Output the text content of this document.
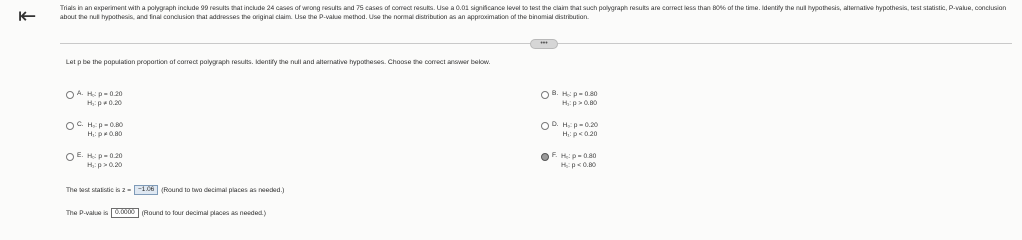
⇤	Trials in an experiment with a polygraph include 99 results that include 24 cases of wrong results and 75 cases of correct results. Use a 0.01 significance level to test the claim that such polygraph results are correct less than 80% of the time. Identify the null hypothesis, alternative hypothesis, test statistic, P-value, conclusion about the null hypothesis, and final conclusion that addresses the original claim. Use the P-value method. Use the normal distribution as an approximation of the binomial distribution.
•••
Let p be the population proportion of correct polygraph results. Identify the null and alternative hypotheses. Choose the correct answer below.
A. H₀: p = 0.20
H₁: p ≠ 0.20
B. H₀: p = 0.80
H₁: p > 0.80
C. H₀: p = 0.80
H₁: p ≠ 0.80
D. H₀: p = 0.20
H₁: p < 0.20
E. H₀: p = 0.20
H₁: p > 0.20
F. H₀: p = 0.80
H₁: p < 0.80
The test statistic is z =	−1.06	(Round to two decimal places as needed.)
The P-value is	0.0000	(Round to four decimal places as needed.)
